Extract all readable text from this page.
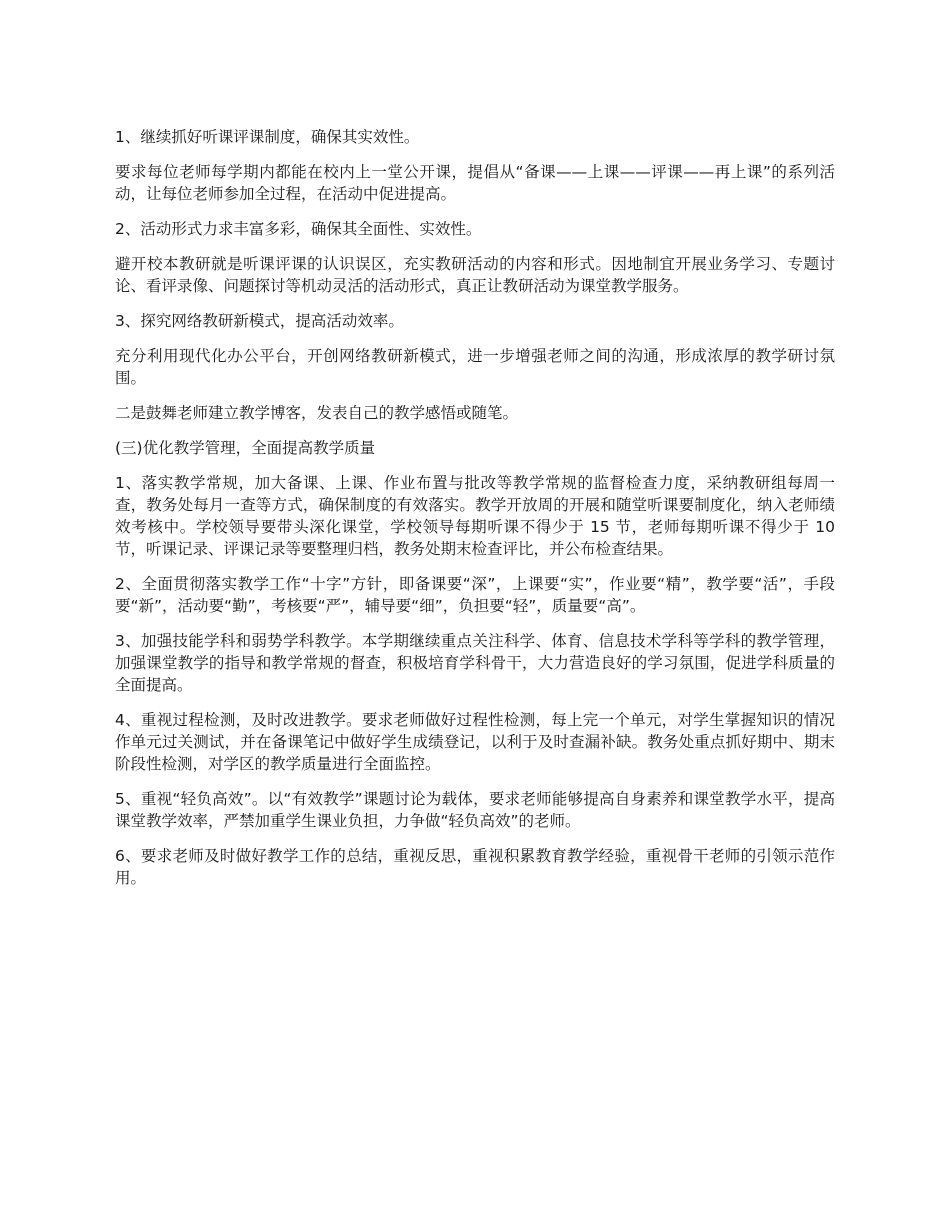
1、继续抓好听课评课制度，确保其实效性。

要求每位老师每学期内都能在校内上一堂公开课，提倡从“备课——上课——评课——再上课”的系列活动，让每位老师参加全过程，在活动中促进提高。

2、活动形式力求丰富多彩，确保其全面性、实效性。

避开校本教研就是听课评课的认识误区，充实教研活动的内容和形式。因地制宜开展业务学习、专题讨论、看评录像、问题探讨等机动灵活的活动形式，真正让教研活动为课堂教学服务。

3、探究网络教研新模式，提高活动效率。

充分利用现代化办公平台，开创网络教研新模式，进一步增强老师之间的沟通，形成浓厚的教学研讨氛围。

二是鼓舞老师建立教学博客，发表自己的教学感悟或随笔。

(三)优化教学管理，全面提高教学质量

1、落实教学常规，加大备课、上课、作业布置与批改等教学常规的监督检查力度，采纳教研组每周一查，教务处每月一查等方式，确保制度的有效落实。教学开放周的开展和随堂听课要制度化，纳入老师绩效考核中。学校领导要带头深化课堂，学校领导每期听课不得少于 15 节，老师每期听课不得少于 10 节，听课记录、评课记录等要整理归档，教务处期末检查评比，并公布检查结果。

2、全面贯彻落实教学工作“十字”方针，即备课要“深”，上课要“实”，作业要“精”，教学要“活”，手段要“新”，活动要“勤”，考核要“严”，辅导要“细”，负担要“轻”，质量要“高”。

3、加强技能学科和弱势学科教学。本学期继续重点关注科学、体育、信息技术学科等学科的教学管理，加强课堂教学的指导和教学常规的督查，积极培育学科骨干，大力营造良好的学习氛围，促进学科质量的全面提高。

4、重视过程检测，及时改进教学。要求老师做好过程性检测，每上完一个单元，对学生掌握知识的情况作单元过关测试，并在备课笔记中做好学生成绩登记，以利于及时查漏补缺。教务处重点抓好期中、期末阶段性检测，对学区的教学质量进行全面监控。

5、重视“轻负高效”。以“有效教学”课题讨论为载体，要求老师能够提高自身素养和课堂教学水平，提高课堂教学效率，严禁加重学生课业负担，力争做“轻负高效”的老师。

6、要求老师及时做好教学工作的总结，重视反思，重视积累教育教学经验，重视骨干老师的引领示范作用。
